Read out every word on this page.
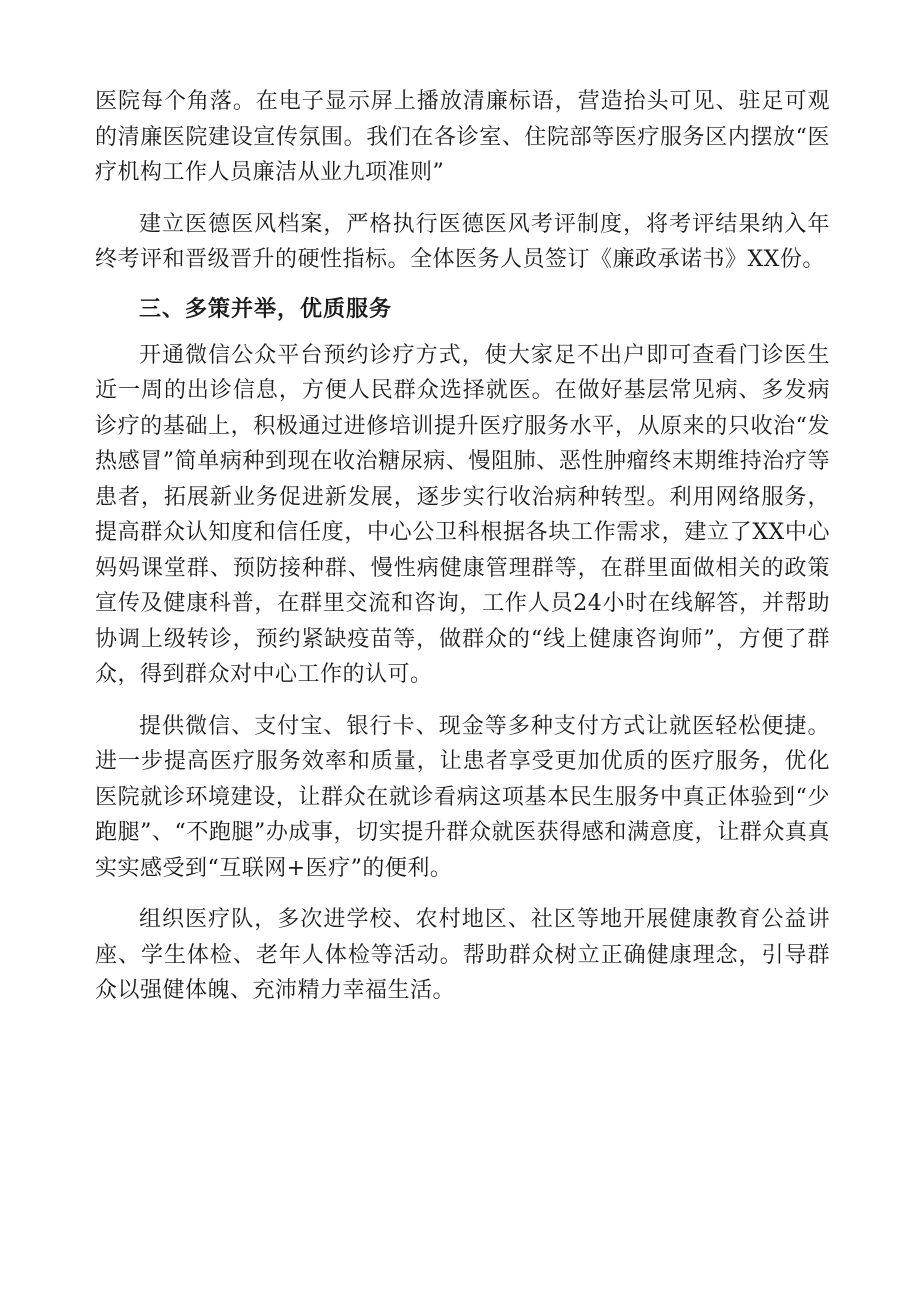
医院每个角落。在电子显示屏上播放清廉标语，营造抬头可见、驻足可观的清廉医院建设宣传氛围。我们在各诊室、住院部等医疗服务区内摆放“医疗机构工作人员廉洁从业九项准则”

建立医德医风档案，严格执行医德医风考评制度，将考评结果纳入年终考评和晋级晋升的硬性指标。全体医务人员签订《廉政承诺书》XX份。

三、多策并举，优质服务

开通微信公众平台预约诊疗方式，使大家足不出户即可查看门诊医生近一周的出诊信息，方便人民群众选择就医。在做好基层常见病、多发病诊疗的基础上，积极通过进修培训提升医疗服务水平，从原来的只收治“发热感冒”简单病种到现在收治糖尿病、慢阻肺、恶性肿瘤终末期维持治疗等患者，拓展新业务促进新发展，逐步实行收治病种转型。利用网络服务，提高群众认知度和信任度，中心公卫科根据各块工作需求，建立了XX中心妈妈课堂群、预防接种群、慢性病健康管理群等，在群里面做相关的政策宣传及健康科普，在群里交流和咨询，工作人员24小时在线解答，并帮助协调上级转诊，预约紧缺疫苗等，做群众的“线上健康咨询师”，方便了群众，得到群众对中心工作的认可。

提供微信、支付宝、银行卡、现金等多种支付方式让就医轻松便捷。进一步提高医疗服务效率和质量，让患者享受更加优质的医疗服务，优化医院就诊环境建设，让群众在就诊看病这项基本民生服务中真正体验到“少跑腿”、“不跑腿”办成事，切实提升群众就医获得感和满意度，让群众真真实实感受到“互联网+医疗”的便利。

组织医疗队，多次进学校、农村地区、社区等地开展健康教育公益讲座、学生体检、老年人体检等活动。帮助群众树立正确健康理念，引导群众以强健体魄、充沛精力幸福生活。
